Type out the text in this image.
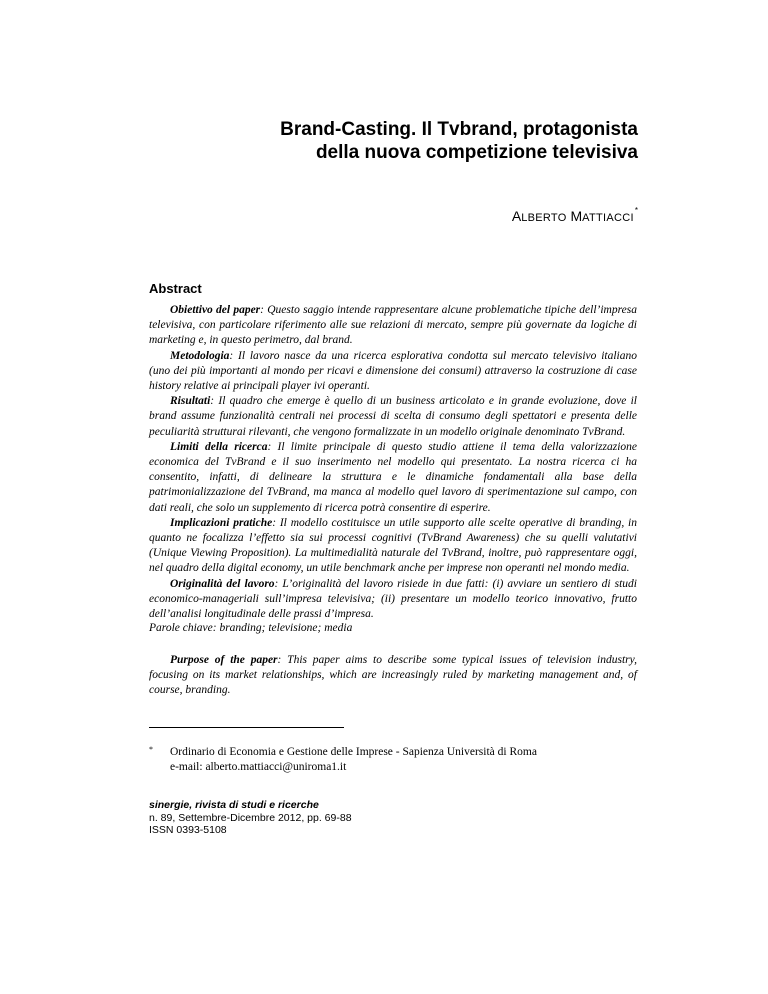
Brand-Casting. Il Tvbrand, protagonista
della nuova competizione televisiva
ALBERTO MATTIACCI*
Abstract

Obiettivo del paper: Questo saggio intende rappresentare alcune problematiche tipiche dell’impresa televisiva, con particolare riferimento alle sue relazioni di mercato, sempre più governate da logiche di marketing e, in questo perimetro, dal brand.

Metodologia: Il lavoro nasce da una ricerca esplorativa condotta sul mercato televisivo italiano (uno dei più importanti al mondo per ricavi e dimensione dei consumi) attraverso la costruzione di case history relative ai principali player ivi operanti.

Risultati: Il quadro che emerge è quello di un business articolato e in grande evoluzione, dove il brand assume funzionalità centrali nei processi di scelta di consumo degli spettatori e presenta delle peculiarità strutturai rilevanti, che vengono formalizzate in un modello originale denominato TvBrand.

Limiti della ricerca: Il limite principale di questo studio attiene il tema della valorizzazione economica del TvBrand e il suo inserimento nel modello qui presentato. La nostra ricerca ci ha consentito, infatti, di delineare la struttura e le dinamiche fondamentali alla base della patrimonializzazione del TvBrand, ma manca al modello quel lavoro di sperimentazione sul campo, con dati reali, che solo un supplemento di ricerca potrà consentire di esperire.

Implicazioni pratiche: Il modello costituisce un utile supporto alle scelte operative di branding, in quanto ne focalizza l’effetto sia sui processi cognitivi (TvBrand Awareness) che su quelli valutativi (Unique Viewing Proposition). La multimedialità naturale del TvBrand, inoltre, può rappresentare oggi, nel quadro della digital economy, un utile benchmark anche per imprese non operanti nel mondo media.

Originalità del lavoro: L’originalità del lavoro risiede in due fatti: (i) avviare un sentiero di studi economico-manageriali sull’impresa televisiva; (ii) presentare un modello teorico innovativo, frutto dell’analisi longitudinale delle prassi d’impresa.

Parole chiave: branding; televisione; media

Purpose of the paper: This paper aims to describe some typical issues of television industry, focusing on its market relationships, which are increasingly ruled by marketing management and, of course, branding.

* Ordinario di Economia e Gestione delle Imprese - Sapienza Università di Roma
e-mail: alberto.mattiacci@uniroma1.it
sinergie, rivista di studi e ricerche
n. 89, Settembre-Dicembre 2012, pp. 69-88
ISSN 0393-5108
